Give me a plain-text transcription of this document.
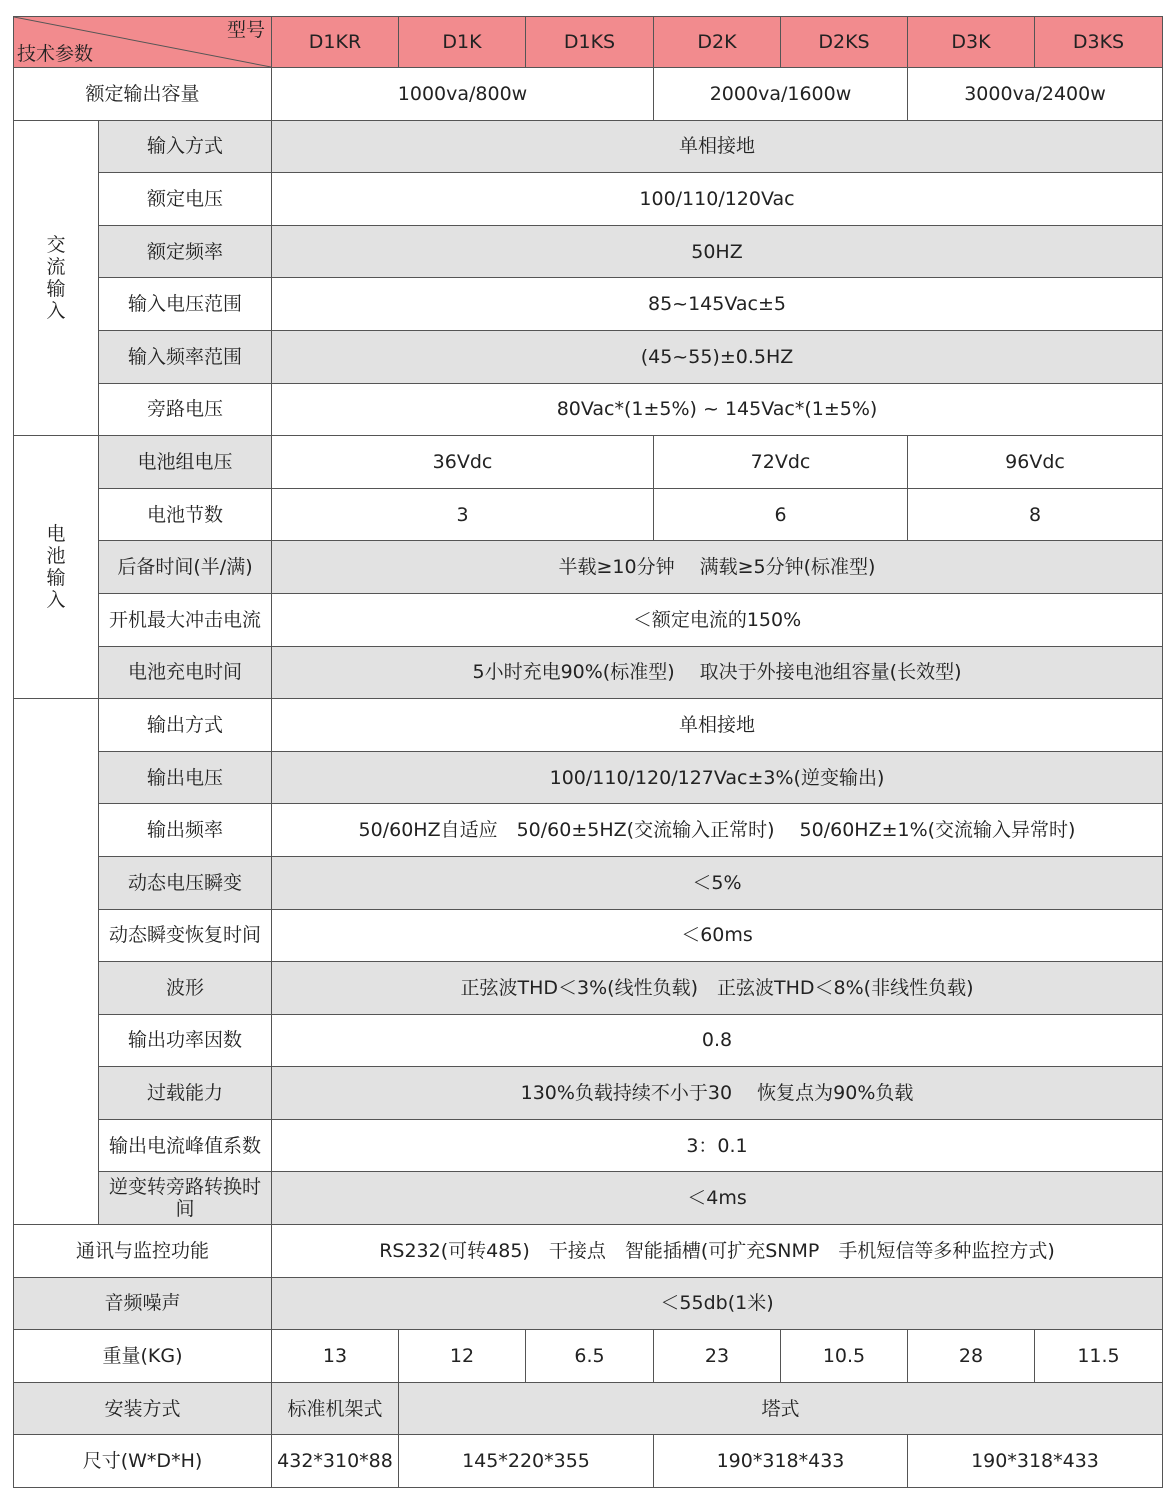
型号
技术参数		D1KR	D1K	D1KS	D2K	D2KS	D3K	D3KS
额定输出容量		1000va/800w			2000va/1600w		3000va/2400w	
交流输入	输入方式	单相接地						
	额定电压	100/110/120Vac						
	额定频率	50HZ						
	输入电压范围	85~145Vac±5						
	输入频率范围	(45~55)±0.5HZ						
	旁路电压	80Vac*(1±5%) ~ 145Vac*(1±5%)						
电池输入	电池组电压	36Vdc			72Vdc		96Vdc	
	电池节数	3			6		8	
	后备时间(半/满)	半载≥10分钟　 满载≥5分钟(标准型)						
	开机最大冲击电流	＜额定电流的150%						
	电池充电时间	5小时充电90%(标准型)　 取决于外接电池组容量(长效型)						
	输出方式	单相接地						
	输出电压	100/110/120/127Vac±3%(逆变输出)						
	输出频率	50/60HZ自适应　50/60±5HZ(交流输入正常时)　 50/60HZ±1%(交流输入异常时)						
	动态电压瞬变	＜5%						
	动态瞬变恢复时间	＜60ms						
	波形	正弦波THD＜3%(线性负载)　正弦波THD＜8%(非线性负载)						
	输出功率因数	0.8						
	过载能力	130%负载持续不小于30　 恢复点为90%负载						
	输出电流峰值系数	3：0.1						
	逆变转旁路转换时间	＜4ms						
通讯与监控功能		RS232(可转485)　干接点　智能插槽(可扩充SNMP　手机短信等多种监控方式)						
音频噪声		＜55db(1米)						
重量(KG)		13	12	6.5	23	10.5	28	11.5
安装方式		标准机架式	塔式					
尺寸(W*D*H)		432*310*88	145*220*355		190*318*433		190*318*433	
